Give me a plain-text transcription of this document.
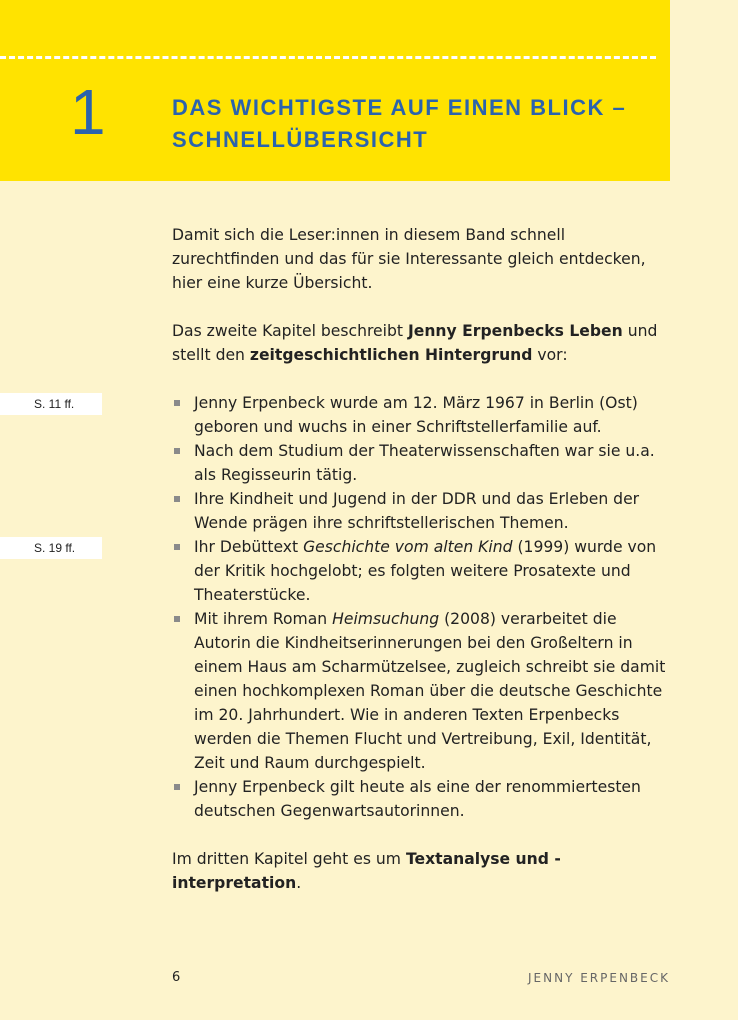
1	DAS WICHTIGSTE AUF EINEN BLICK –
SCHNELLÜBERSICHT
S. 11 ff.
S. 19 ff.

Damit sich die Leser:innen in diesem Band schnell zurechtfinden und das für sie Interessante gleich entdecken, hier eine kurze Übersicht.

Das zweite Kapitel beschreibt Jenny Erpenbecks Leben und stellt den zeitgeschichtlichen Hintergrund vor:

Jenny Erpenbeck wurde am 12. März 1967 in Berlin (Ost) geboren und wuchs in einer Schriftstellerfamilie auf.
Nach dem Studium der Theaterwissenschaften war sie u.a. als Regisseurin tätig.
Ihre Kindheit und Jugend in der DDR und das Erleben der Wende prägen ihre schriftstellerischen Themen.
Ihr Debüttext Geschichte vom alten Kind (1999) wurde von der Kritik hochgelobt; es folgten weitere Prosatexte und Theaterstücke.
Mit ihrem Roman Heimsuchung (2008) verarbeitet die Autorin die Kindheitserinnerungen bei den Großeltern in einem Haus am Scharmützelsee, zugleich schreibt sie damit einen hochkomplexen Roman über die deutsche Geschichte im 20. Jahrhundert. Wie in anderen Texten Erpenbecks werden die Themen Flucht und Vertreibung, Exil, Identität, Zeit und Raum durchgespielt.
Jenny Erpenbeck gilt heute als eine der renommiertesten deutschen Gegenwartsautorinnen.

Im dritten Kapitel geht es um Textanalyse und -interpretation.

6	JENNY ERPENBECK
